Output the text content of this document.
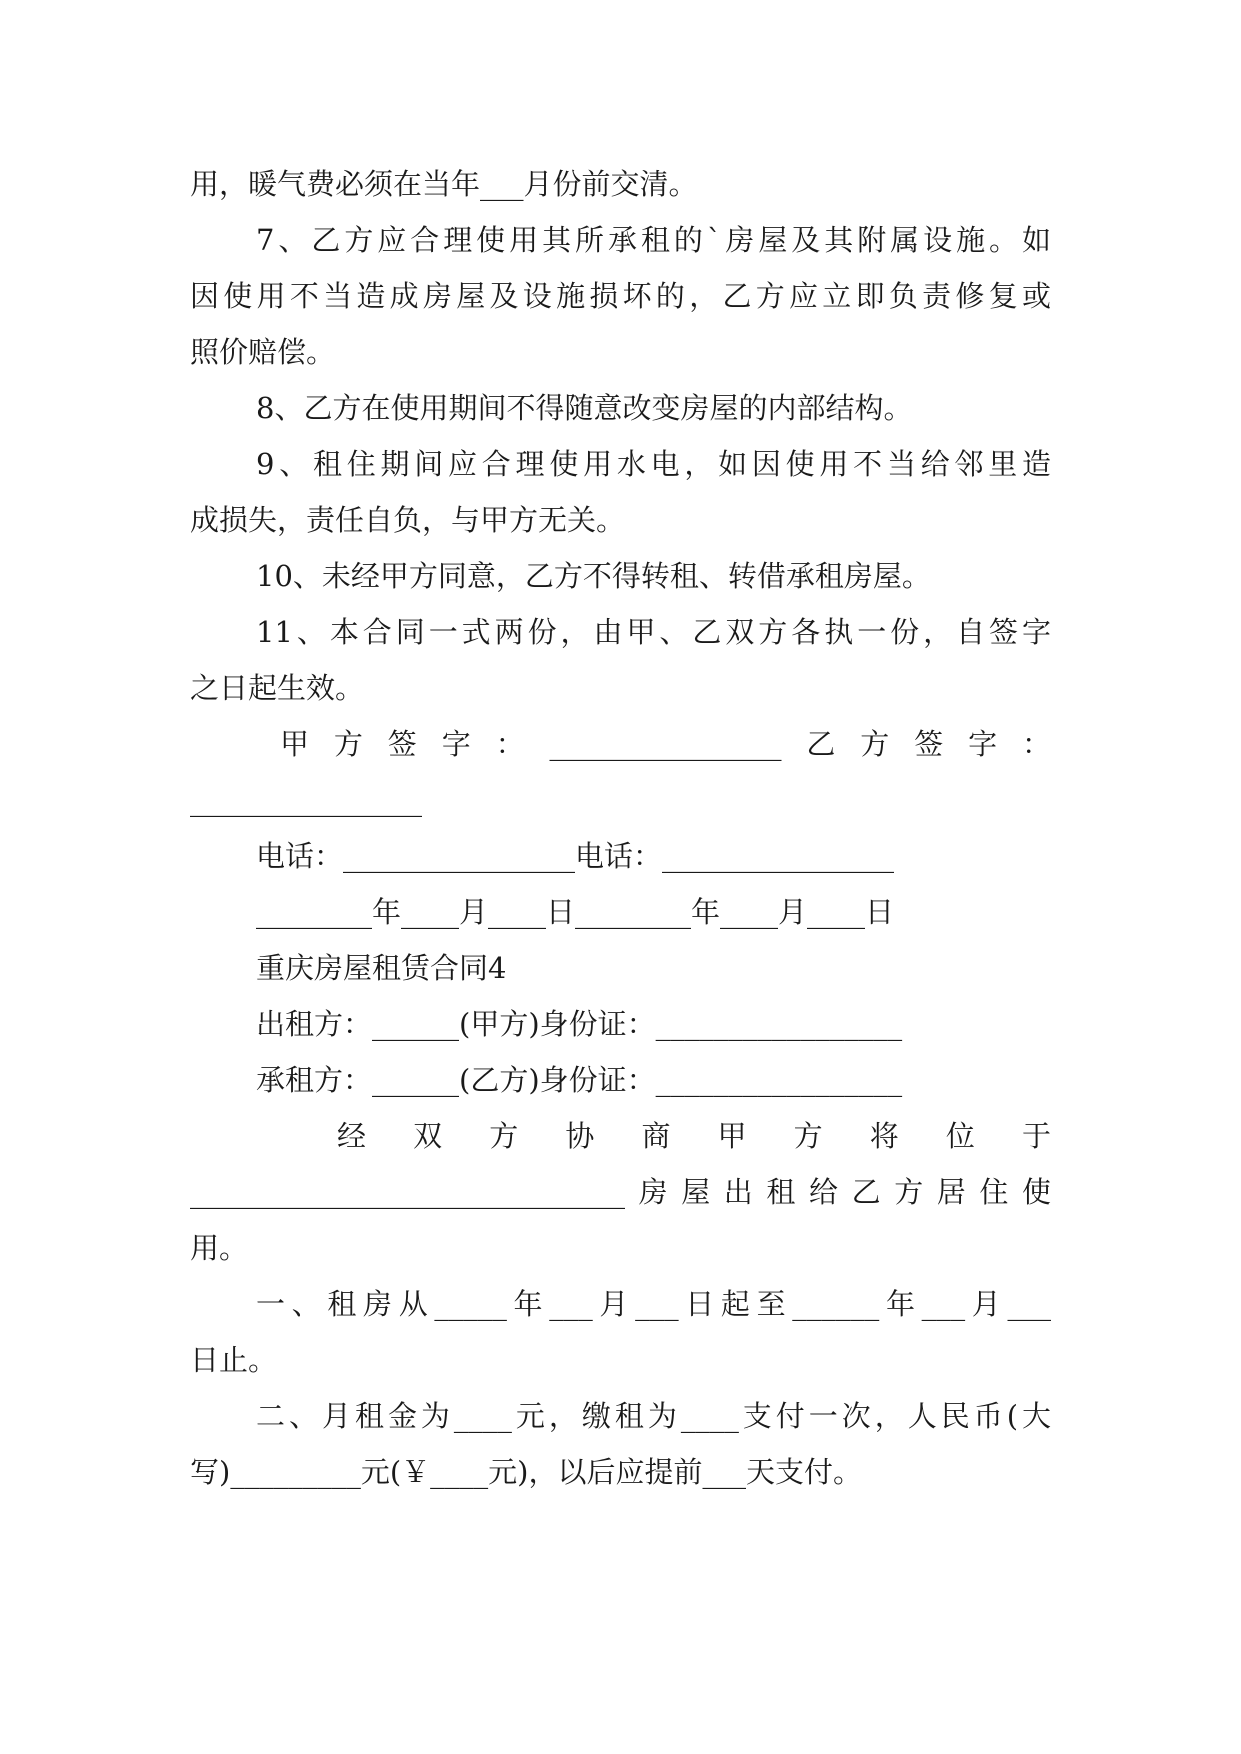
用，暖气费必须在当年___月份前交清。
7、乙方应合理使用其所承租的`房屋及其附属设施。如
因使用不当造成房屋及设施损坏的，乙方应立即负责修复或
照价赔偿。
8、乙方在使用期间不得随意改变房屋的内部结构。
9、租住期间应合理使用水电，如因使用不当给邻里造
成损失，责任自负，与甲方无关。
10、未经甲方同意，乙方不得转租、转借承租房屋。
11、本合同一式两份，由甲、乙双方各执一份，自签字
之日起生效。
甲方签字：________________乙方签字：
________________
电话：________________电话：________________
________年____月____日________年____月____日
重庆房屋租赁合同4
出租方：______(甲方)身份证：_________________
承租方：______(乙方)身份证：_________________
经双方协商甲方将位于
______________________________房屋出租给乙方居住使
用。
一、租房从_____年___月___日起至______年___月___
日止。
二、月租金为____元，缴租为____支付一次，人民币(大
写)_________元(￥____元)，以后应提前___天支付。
